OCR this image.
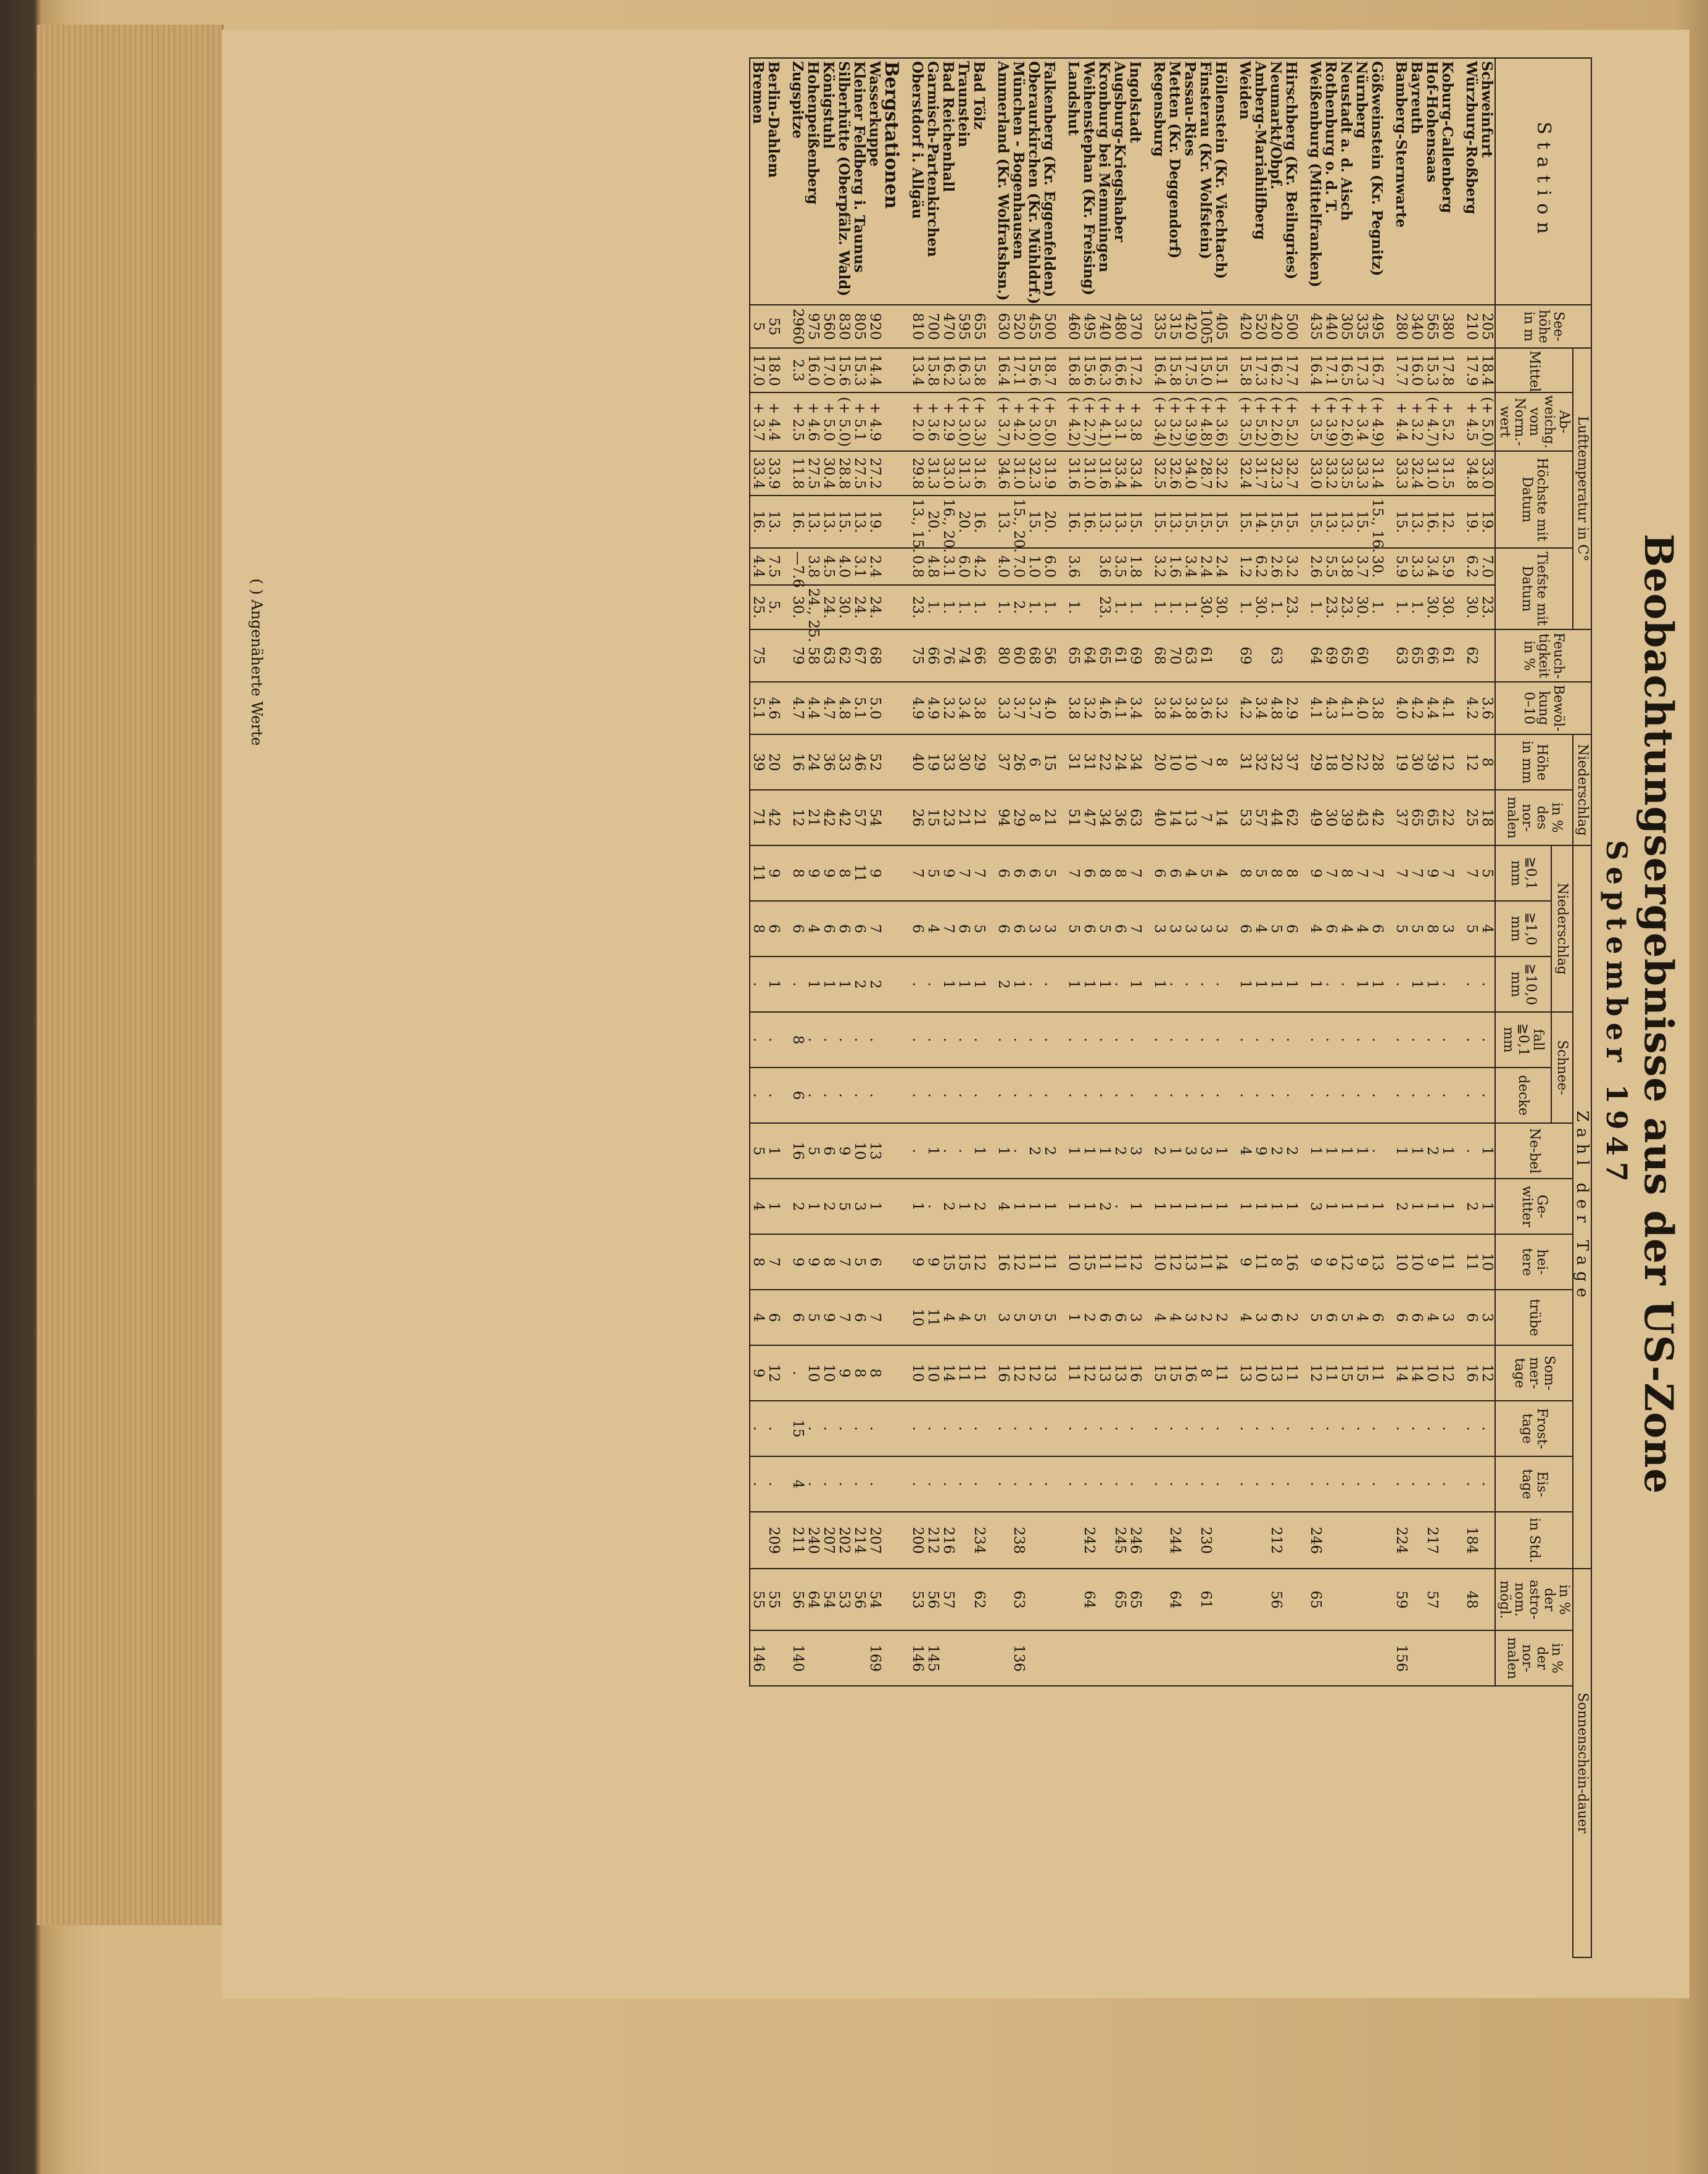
Beobachtungsergebnisse aus der US-Zone
September 1947
Station	See-höhe in m	Lufttemperatur in C°						Feuch-tigkeit in %	Bewöl-kung 0–10	Niederschlag		Zahl der Tage													Sonnenschein-dauer	
		Mittel	Ab-weichg. vom Norm.-wert	Höchste mit Datum		Tiefste mit Datum				Höhe in mm	in % des nor-malen	Niederschlag			Schnee-		Ne-bel	Ge-witter	hei-tere	trübe	Som-mer-tage	Frost-tage	Eis-tage	in Std.	in % der astro-nom. mögl.	in % der nor-malen
												≧0,1 mm	≧1,0 mm	≧10,0 mm	fall ≧0,1 mm	decke										
Schweinfurt	205	18.4	(+ 5.0)	33.0	19.	7.0	23.		3.6	8	18	5	4	.	.	.	1	1	10	3	12	.	.			
Würzburg-Roßberg	210	17.9	+ 4.5	34.8	19.	6.2	30.	62	4.2	12	25	7	5	.	.	.	.	2	11	6	16	.	.	184	48	

Koburg-Callenberg	380	17.8	+ 5.2	31.5	12.	5.9	30.	61	4.1	12	22	7	3	.	.	.	1	1	11	3	12	.	.			
Hof-Hohensaas	565	15.3	(+ 4.7)	31.0	16.	3.4	30.	66	4.4	39	65	9	8	1	.	.	2	1	9	4	10	.	.	217	57	
Bayreuth	340	16.0	+ 3.2	32.4	13.	3.3	1.	65	4.2	30	65	7	5	1	.	.	1	1	10	6	14	.	.			
Bamberg-Sternwarte	280	17.7	+ 4.4	33.3	15.	5.9	1.	63	4.0	19	37	7	5	.	.	.	1	2	10	6	14	.	.	224	59	156

Gößweinstein (Kr. Pegnitz)	495	16.7	(+ 4.9)	31.4	15., 16.	30.	1.		3.8	28	42	7	6	1	.	.	.	1	13	6	11	.	.			
Nürnberg	335	17.3	+ 3.4	33.3	15.	3.7	30.	60	4.0	22	43	7	4	1	.	.	1	1	9	4	15	.	.			
Neustadt a. d. Aisch	305	16.5	(+ 2.6)	33.5	13.	3.8	23.	65	4.1	20	39	8	4	.	.	.	1	1	12	5	15	.	.			
Rothenburg o. d. T.	440	17.1	(+ 3.9)	33.2	13.	5.5	23.	69	4.3	18	30	7	6	.	.	.	1	1	9	6	11	.	.			
Weißenburg (Mittelfranken)	435	16.4	+ 3.5	33.0	15.	2.6	1.	64	4.1	29	49	9	4	1	.	.	1	3	9	5	12	.	.	246	65	

Hirschberg (Kr. Beilngries)	500	17.7	(+ 5.2)	32.7	15.	3.2	23.		2.9	37	62	8	6	1	.	.	2	1	16	2	11	.	.			
Neumarkt/Obpf.	420	16.2	(+ 2.6)	32.3	15.	2.6	1.	63	4.8	32	44	8	5	1	.	.	2	1	8	6	13	.	.	212	56	
Amberg-Mariahilfberg	520	17.3	(+ 5.2)	31.7	14.	6.2	30.		3.4	32	57	5	4	1	.	.	9	1	11	3	10	.	.			
Weiden	420	15.8	(+ 3.5)	32.4	15.	1.2	1.	69	4.2	31	53	8	6	1	.	.	4	1	9	4	13	.	.			

Höllenstein (Kr. Viechtach)	405	15.1	(+ 3.6)	32.2	15.	2.4	30.		3.2	8	14	4	3	.	.	.	1	1	14	2	11	.	.			
Finsterau (Kr. Wolfstein)	1005	15.0	(+ 4.8)	28.7	15.	2.4	30.	61	3.6	7	7	5	3	.	.	.	3	1	11	2	8	.	.	230	61	
Passau-Ries	420	17.5	(+ 3.9)	34.0	15.	3.4	1.	63	3.8	10	13	4	3	.	.	.	3	1	13	3	16	.	.			
Metten (Kr. Deggendorf)	315	15.8	(+ 3.2)	32.6	13.	1.6	1.	70	3.4	10	14	6	3	.	.	.	1	1	12	4	15	.	.	244	64	
Regensburg	335	16.4	(+ 3.4)	32.5	15.	3.2	1.	68	3.8	20	40	6	3	1	.	.	2	1	10	4	15	.	.			

Ingolstadt	370	17.2	+ 3.8	33.4	15.	1.8	1.	69	3.4	34	63	7	7	1	.	.	3	1	12	3	16	.	.	246	65	
Augsburg-Kriegshaber	480	16.6	+ 3.1	33.4	13.	3.5	1.	61	4.1	24	36	8	6	.	.	.	2	.	11	6	13	.	.	245	65	
Kronburg bei Memmingen	740	16.3	(+ 4.1)	31.6	13.	3.6	23.	65	4.6	22	34	8	5	1	.	.	1	2	11	6	13	.	.			
Weihenstephan (Kr. Freising)	495	15.6	(+ 2.7)	31.0	16.			64	3.2	31	47	6	6	1	.	.	1	1	15	2	12	.	.	242	64	
Landshut	460	16.8	(+ 4.2)	31.6	16.	3.6	1.	65	3.8	31	51	7	5	1	.	.	1	1	10	1	11	.	.			

Falkenberg (Kr. Eggenfelden)	500	18.7	(+ 5.0)	31.9	20.	6.0	1.	56	4.0	15	21	5	3	.	.	.	2	1	11	5	13	.	.			
Oberaurkirchen (Kr. Mühldrf.)	455	15.6	(+ 3.0)	32.3	15.	1.0	1.	68	3.7	6	8	6	3	.	.	.	2	1	11	5	12	.	.			
München - Bogenhausen	520	17.1	+ 4.2	31.0	15., 20.	7.0	2.	60	3.7	26	29	6	6	1	.	.	.	1	12	5	12	.	.	238	63	136
Ammerland (Kr. Wolfratshsn.)	630	16.4	(+ 3.7)	34.6	13.	4.0	1.	80	3.3	37	94	6	6	2	.	.	1	4	16	3	16	.	.			

Bad Tölz	655	15.8	(+ 3.3)	31.6	16.	4.2	1.	66	3.8	29	21	7	5	1	.	.	1	2	12	5	11	.	.	234	62	
Traunstein	595	16.3	(+ 3.0)	31.3	20.	6.0	1.	74	3.4	30	21	7	6	1	.	.	.	1	15	4	11	.	.			
Bad Reichenhall	470	16.2	+ 2.9	33.0	16., 20.	3.1	1.	76	3.2	33	23	9	7	1	.	.	.	2	15	4	14	.	.	216	57	
Garmisch-Partenkirchen	700	15.8	+ 3.6	31.3	20.	4.8	1.	66	4.9	19	15	5	4	.	.	.	1	.	9	11	10	.	.	212	56	145
Oberstdorf i. Allgäu	810	13.4	+ 2.0	29.8	13., 15.	0.8	23.	75	4.9	40	26	7	6	.	.	.	.	1	9	10	10	.	.	200	53	146

Bergstationen																										
Wasserkuppe	920	14.4	+ 4.9	27.2	19.	2.4	24.	68	5.0	52	54	9	7	2	.	.	13	1	6	7	8	.	.	207	54	169
Kleiner Feldberg i. Taunus	805	15.3	+ 5.1	27.5	13.	3.1	24.	67	5.1	46	57	11	6	2	.	.	10	3	5	6	8	.	.	214	56	
Silberhütte (Oberpfälz. Wald)	830	15.6	(+ 5.0)	28.8	15.	4.0	30.	62	4.8	33	42	8	6	1	.	.	9	5	7	7	9	.	.	202	53	
Königstuhl	560	17.0	+ 5.0	30.4	13.	4.5	24.	63	4.7	36	42	9	6	1	.	.	6	2	8	9	10	.	.	207	54	
Hohenpeißenberg	975	16.0	+ 4.6	27.5	13.	3.8	24., 25.	58	4.4	24	21	9	4	1	.	.	5	1	9	5	10	.	.	240	64	
Zugspitze	2960	2.3	+ 2.5	11.8	16.	—7.6	30.	79	4.7	16	12	8	6	.	8	6	16	2	9	6	.	15	4	211	56	140

Berlin-Dahlem	55	18.0	+ 4.4	33.9	13.	7.5	5.		4.6	20	42	9	6	1	.	.	1	1	7	6	12	.	.	209	55	
Bremen	5	17.0	+ 3.7	33.4	16.	4.4	25.	75	5.1	39	71	11	8	.	.	.	5	4	8	4	9	.	.		55	146
( ) Angenäherte Werte
